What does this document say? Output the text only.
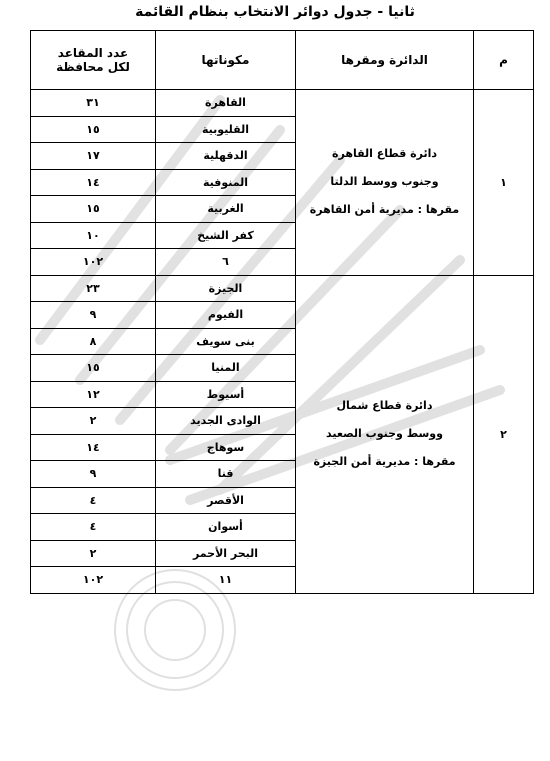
ثانيا - جدول دوائر الانتخاب بنظام القائمة
م	الدائرة ومقرها	مكوناتها	عدد المقاعد
لكل محافظة

١	دائرة قطاع القاهرة
وجنوب ووسط الدلتا
مقرها : مديرية أمن القاهرة	القاهرة	٣١
		القليوبية	١٥
		الدقهلية	١٧
		المنوفية	١٤
		الغربية	١٥
		كفر الشيخ	١٠
		٦	١٠٢
٢	دائرة قطاع شمال
ووسط وجنوب الصعيد
مقرها : مديرية أمن الجيزة	الجيزة	٢٣
		الفيوم	٩
		بنى سويف	٨
		المنيا	١٥
		أسيوط	١٢
		الوادى الجديد	٢
		سوهاج	١٤
		قنا	٩
		الأقصر	٤
		أسوان	٤
		البحر الأحمر	٢
		١١	١٠٢
